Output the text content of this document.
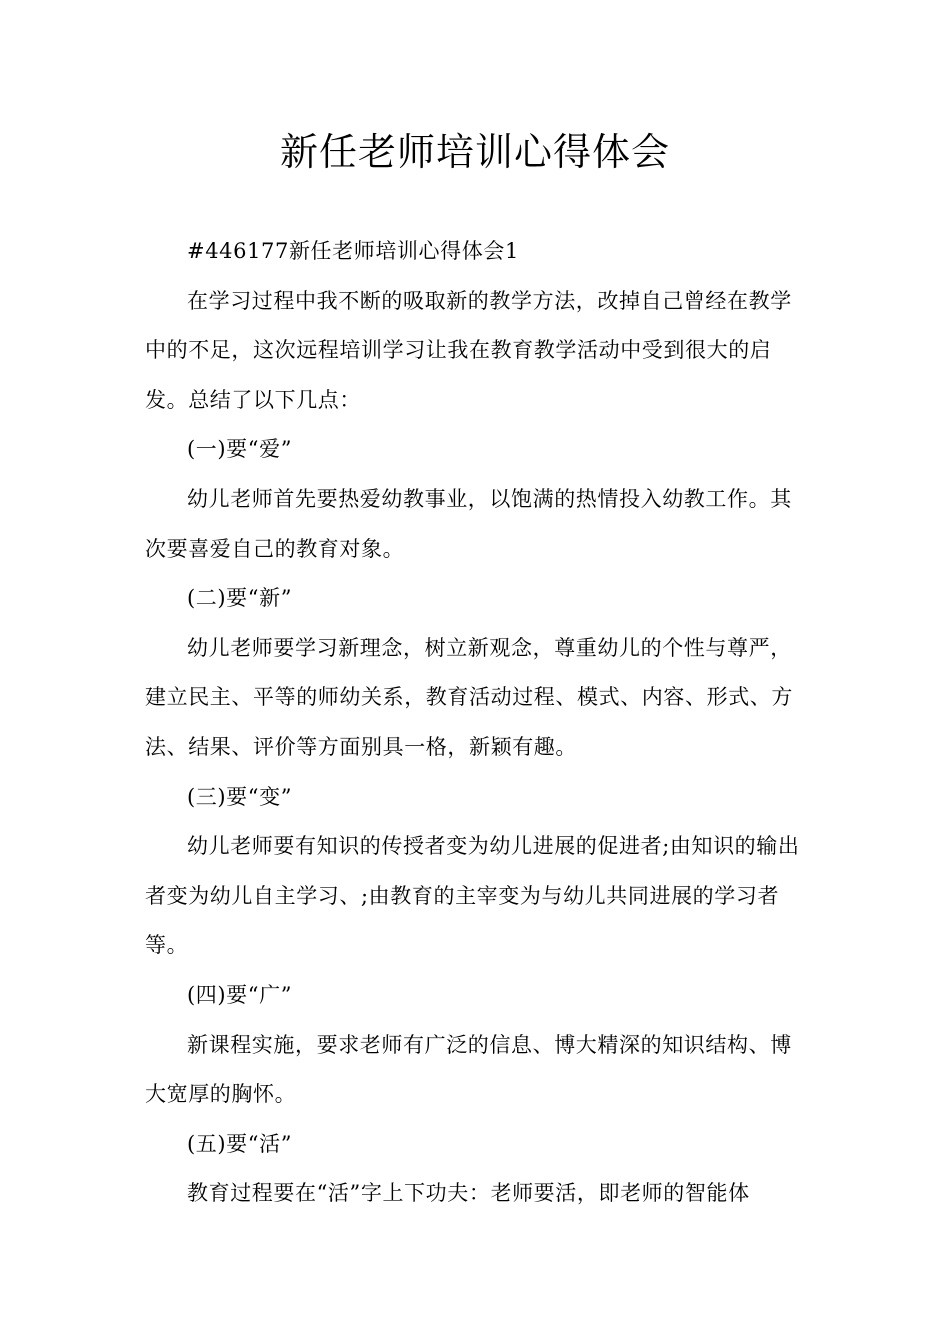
新任老师培训心得体会

#446177新任老师培训心得体会1

在学习过程中我不断的吸取新的教学方法，改掉自己曾经在教学中的不足，这次远程培训学习让我在教育教学活动中受到很大的启发。总结了以下几点：

(一)要“爱”

幼儿老师首先要热爱幼教事业，以饱满的热情投入幼教工作。其次要喜爱自己的教育对象。

(二)要“新”

幼儿老师要学习新理念，树立新观念，尊重幼儿的个性与尊严，建立民主、平等的师幼关系，教育活动过程、模式、内容、形式、方法、结果、评价等方面别具一格，新颖有趣。

(三)要“变”

幼儿老师要有知识的传授者变为幼儿进展的促进者;由知识的输出者变为幼儿自主学习、;由教育的主宰变为与幼儿共同进展的学习者等。

(四)要“广”

新课程实施，要求老师有广泛的信息、博大精深的知识结构、博大宽厚的胸怀。

(五)要“活”

教育过程要在“活”字上下功夫：老师要活，即老师的智能体
